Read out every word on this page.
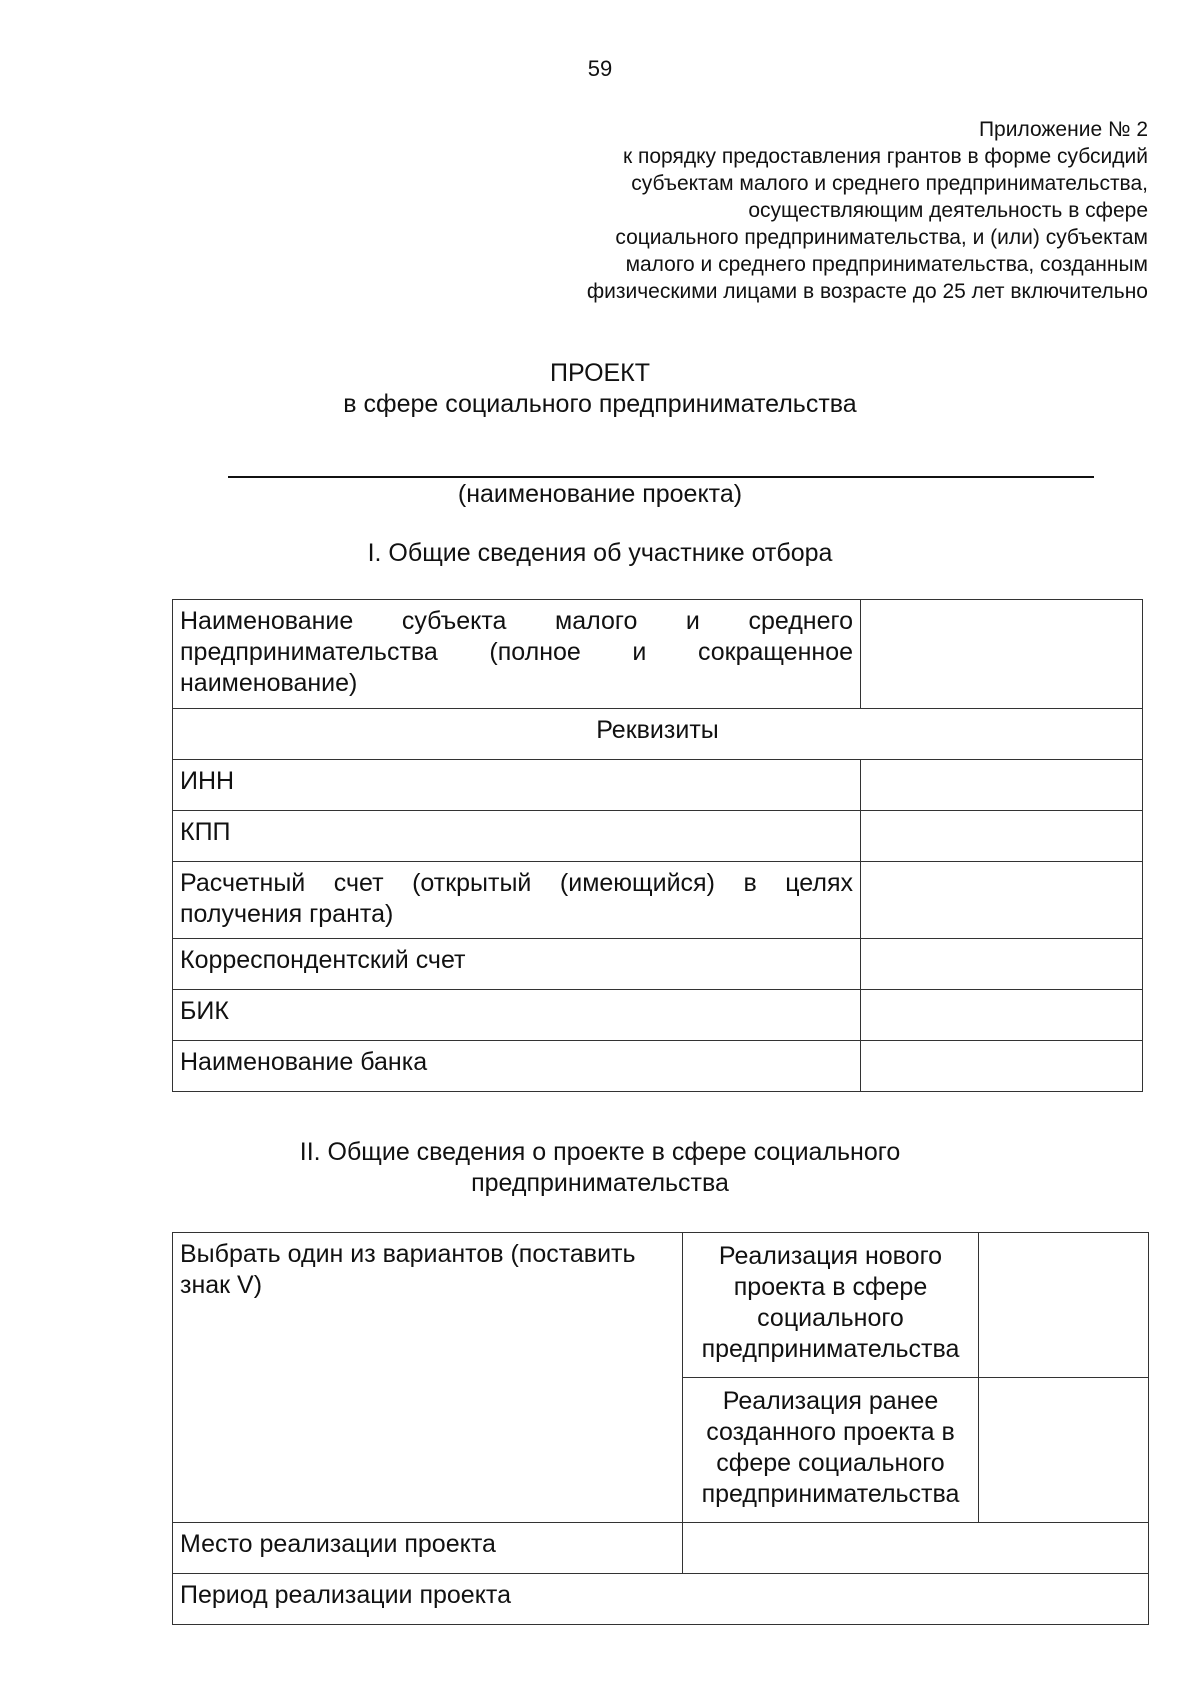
59
Приложение № 2
к порядку предоставления грантов в форме субсидий
субъектам малого и среднего предпринимательства,
осуществляющим деятельность в сфере
социального предпринимательства, и (или) субъектам
малого и среднего предпринимательства, созданным
физическими лицами в возрасте до 25 лет включительно
ПРОЕКТ
в сфере социального предпринимательства
(наименование проекта)
I. Общие сведения об участнике отбора
Наименование субъекта малого и среднего предпринимательства (полное и сокращенное наименование)	
Реквизиты	
ИНН	
КПП	
Расчетный счет (открытый (имеющийся) в целях получения гранта)	
Корреспондентский счет	
БИК	
Наименование банка	
II. Общие сведения о проекте в сфере социального
предпринимательства
Выбрать один из вариантов (поставить знак V)	Реализация нового проекта в сфере социального предпринимательства	
	Реализация ранее созданного проекта в сфере социального предпринимательства	
Место реализации проекта		
Период реализации проекта		
